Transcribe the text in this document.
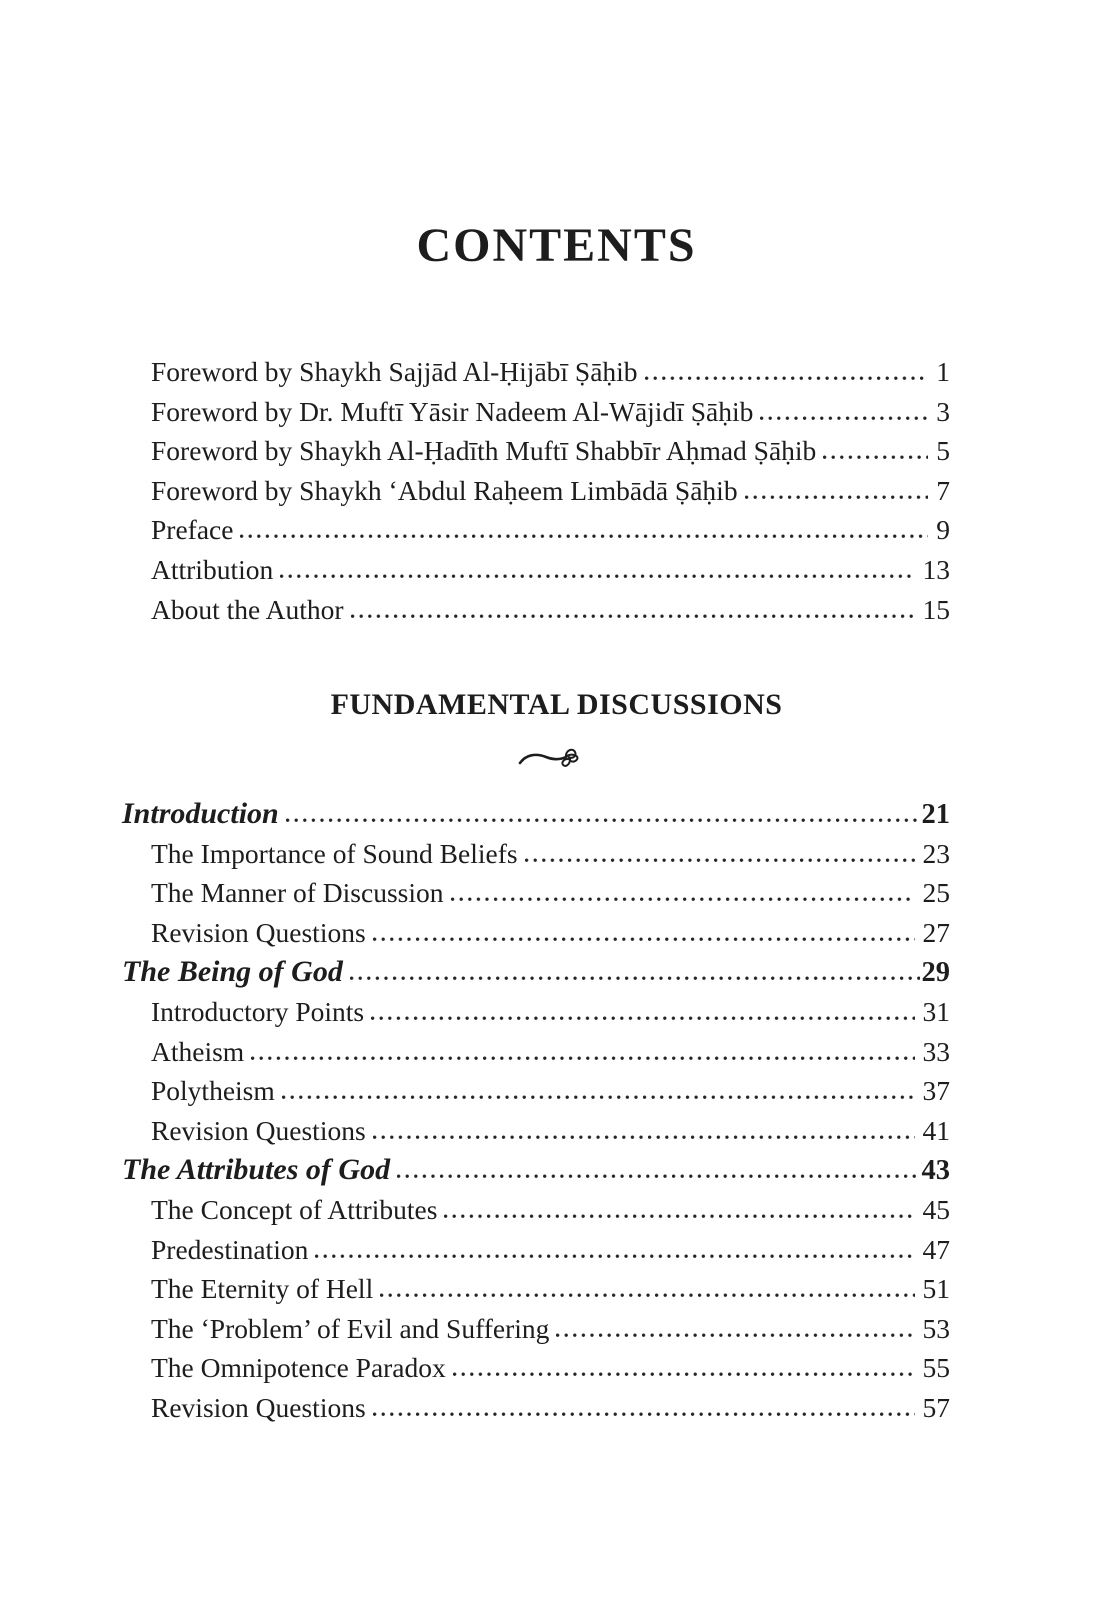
CONTENTS
Foreword by Shaykh Sajjād Al-Ḥijābī Ṣāḥib	1
Foreword by Dr. Muftī Yāsir Nadeem Al-Wājidī Ṣāḥib	3
Foreword by Shaykh Al-Ḥadīth Muftī Shabbīr Aḥmad Ṣāḥib	5
Foreword by Shaykh ‘Abdul Raḥeem Limbādā Ṣāḥib	7
Preface	9
Attribution	13
About the Author	15
FUNDAMENTAL DISCUSSIONS
Introduction	21
The Importance of Sound Beliefs	23
The Manner of Discussion	25
Revision Questions	27
The Being of God	29
Introductory Points	31
Atheism	33
Polytheism	37
Revision Questions	41
The Attributes of God	43
The Concept of Attributes	45
Predestination	47
The Eternity of Hell	51
The ‘Problem’ of Evil and Suffering	53
The Omnipotence Paradox	55
Revision Questions	57
